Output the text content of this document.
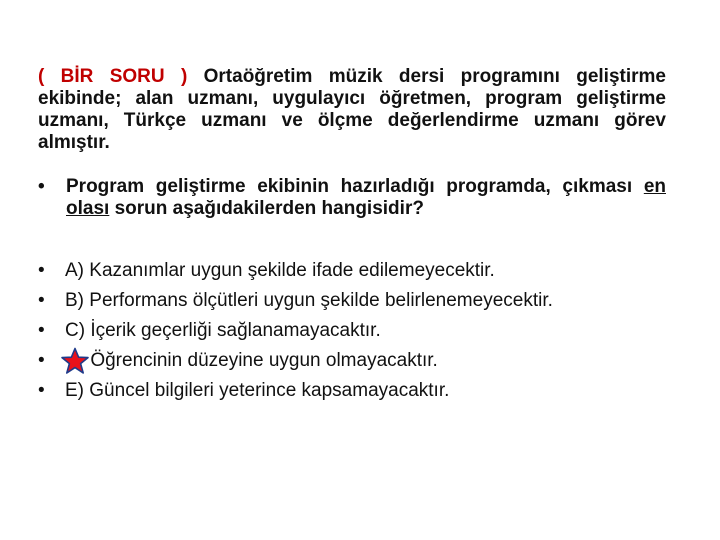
( BİR SORU ) Ortaöğretim müzik dersi programını geliştirme ekibinde; alan uzmanı, uygulayıcı öğretmen, program geliştirme uzmanı, Türkçe uzmanı ve ölçme değerlendirme uzmanı görev almıştır.
•	Program geliştirme ekibinin hazırladığı programda, çıkması en olası sorun aşağıdakilerden hangisidir?
•	A) Kazanımlar uygun şekilde ifade edilemeyecektir.
•	B) Performans ölçütleri uygun şekilde belirlenemeyecektir.
•	C) İçerik geçerliği sağlanamayacaktır.
•	Öğrencinin düzeyine uygun olmayacaktır.
•	E) Güncel bilgileri yeterince kapsamayacaktır.
